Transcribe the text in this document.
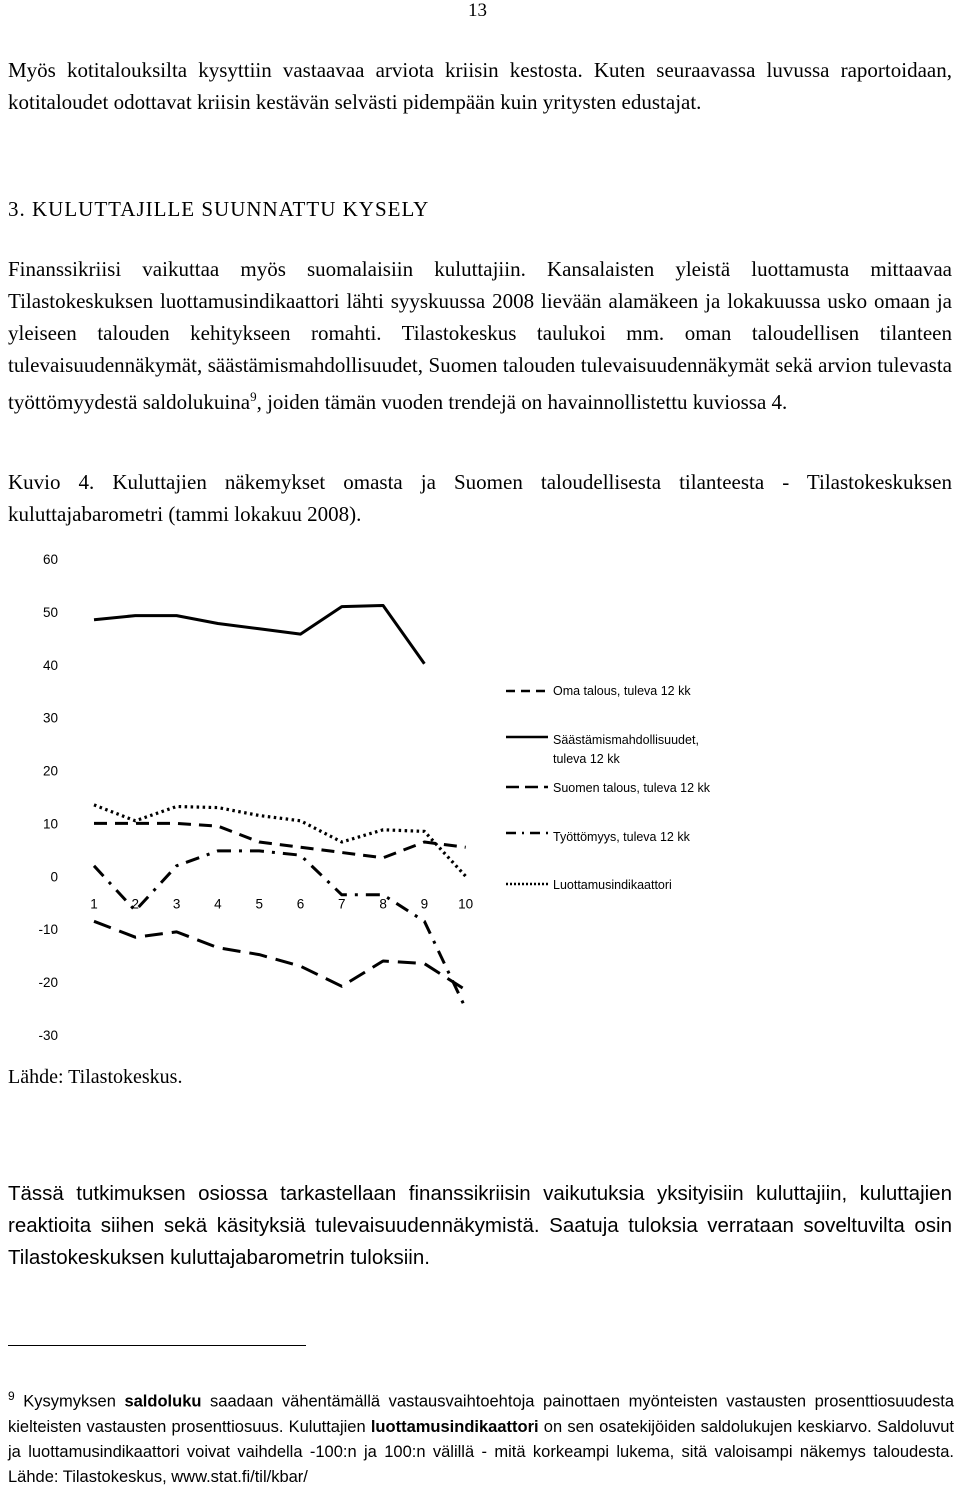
13

Myös kotitalouksilta kysyttiin vastaavaa arviota kriisin kestosta. Kuten seuraavassa luvussa raportoidaan, kotitaloudet odottavat kriisin kestävän selvästi pidempään kuin yritysten edustajat.

3. KULUTTAJILLE SUUNNATTU KYSELY

Finanssikriisi vaikuttaa myös suomalaisiin kuluttajiin. Kansalaisten yleistä luottamusta mittaavaa Tilastokeskuksen luottamusindikaattori lähti syyskuussa 2008 lievään alamäkeen ja lokakuussa usko omaan ja yleiseen talouden kehitykseen romahti. Tilastokeskus taulukoi mm. oman taloudellisen tilanteen tulevaisuudennäkymät, säästämismahdollisuudet, Suomen talouden tulevaisuudennäkymät sekä arvion tulevasta työttömyydestä saldolukuina$^9$, joiden tämän vuoden trendejä on havainnollistettu kuviossa 4.

Kuvio 4. Kuluttajien näkemykset omasta ja Suomen taloudellisesta tilanteesta - Tilastokeskuksen kuluttajabarometri (tammi lokakuu 2008).
-30
-20
-10
0
10
20
30
40
50
60
1	2	3	4	5	6	7	8	9 10
Oma talous, tuleva 12 kk
Säästämismahdollisuudet,
tuleva 12 kk
Suomen talous, tuleva 12 kk
Työttömyys, tuleva 12 kk
Luottamusindikaattori
Lähde: Tilastokeskus.

Tässä tutkimuksen osiossa tarkastellaan finanssikriisin vaikutuksia yksityisiin kuluttajiin, kuluttajien reaktioita siihen sekä käsityksiä tulevaisuudennäkymistä. Saatuja tuloksia verrataan soveltuvilta osin Tilastokeskuksen kuluttajabarometrin tuloksiin.

$^9$ Kysymyksen saldoluku saadaan vähentämällä vastausvaihtoehtoja painottaen myönteisten vastausten prosenttiosuudesta kielteisten vastausten prosenttiosuus. Kuluttajien luottamusindikaattori on sen osatekijöiden saldolukujen keskiarvo. Saldoluvut ja luottamusindikaattori voivat vaihdella -100:n ja 100:n välillä - mitä korkeampi lukema, sitä valoisampi näkemys taloudesta. Lähde: Tilastokeskus, www.stat.fi/til/kbar/
